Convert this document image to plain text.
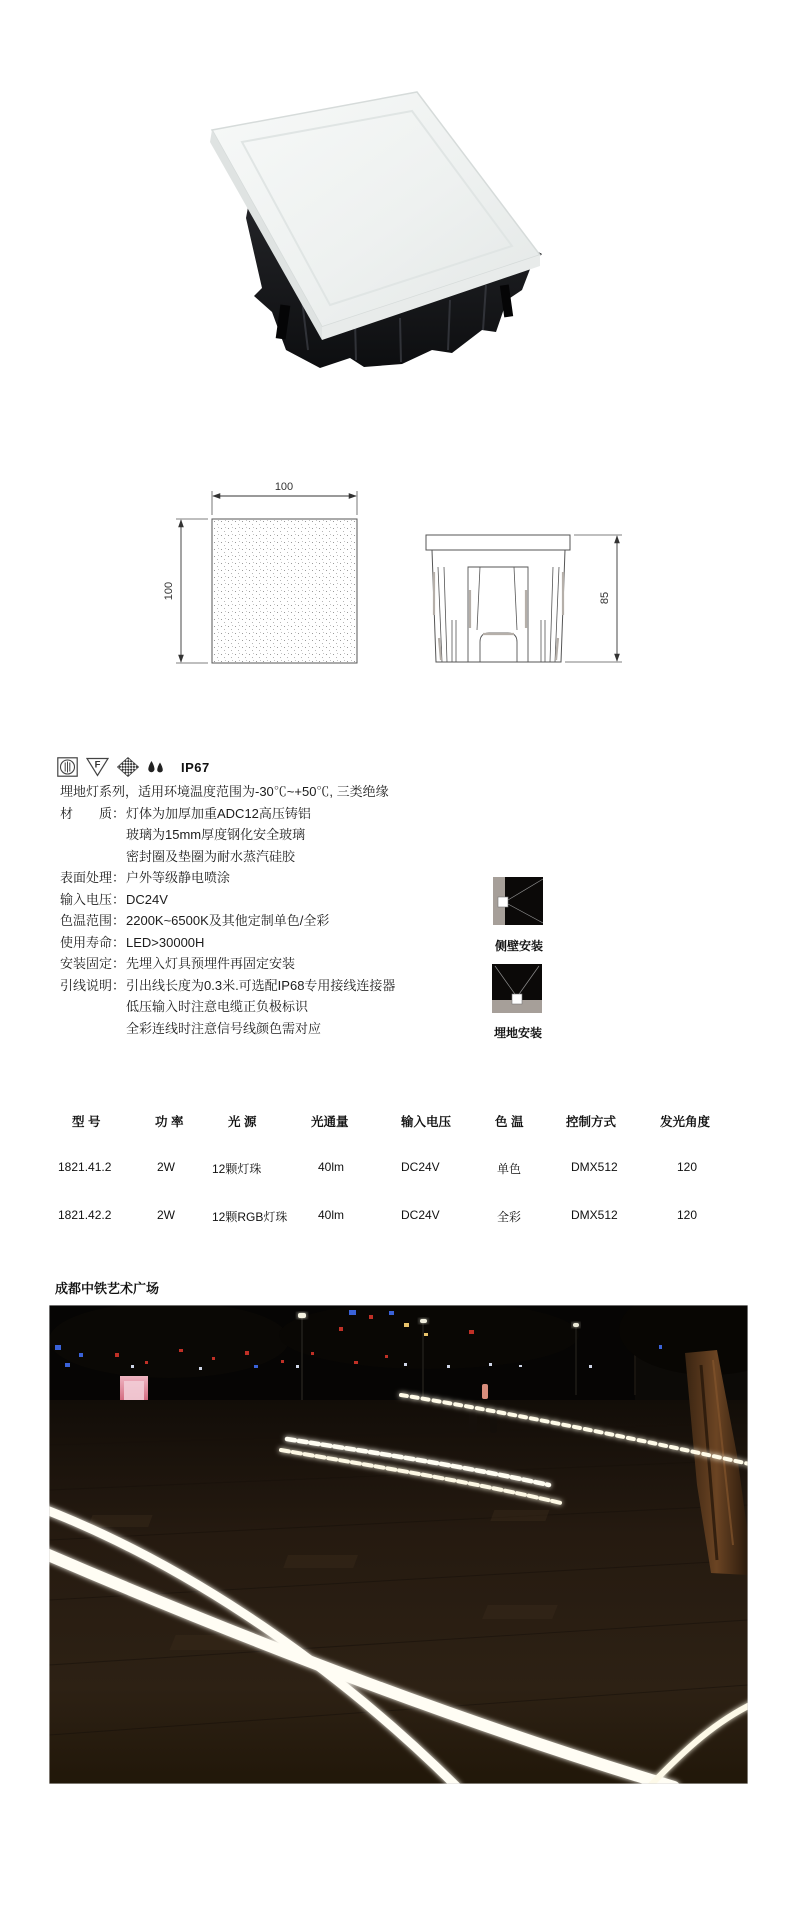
100
100	85
F	IP67
埋地灯系列，适用环境温度范围为-30℃~+50℃, 三类绝缘
材　　质： 灯体为加厚加重ADC12高压铸铝
玻璃为15mm厚度钢化安全玻璃
密封圈及垫圈为耐水蒸汽硅胶
表面处理： 户外等级静电喷涂
输入电压： DC24V
色温范围： 2200K~6500K及其他定制单色/全彩
使用寿命： LED>30000H
安装固定： 先埋入灯具预埋件再固定安装
引线说明： 引出线长度为0.3米.可选配IP68专用接线连接器
低压输入时注意电缆正负极标识
全彩连线时注意信号线颜色需对应
侧壁安装
埋地安装
型 号	功 率	光 源	光通量	输入电压	色 温	控制方式	发光角度
1821.41.2	2W	12颗灯珠	40lm	DC24V	单色	DMX512	120
1821.42.2	2W	12颗RGB灯珠	40lm	DC24V	全彩	DMX512	120
成都中铁艺术广场
